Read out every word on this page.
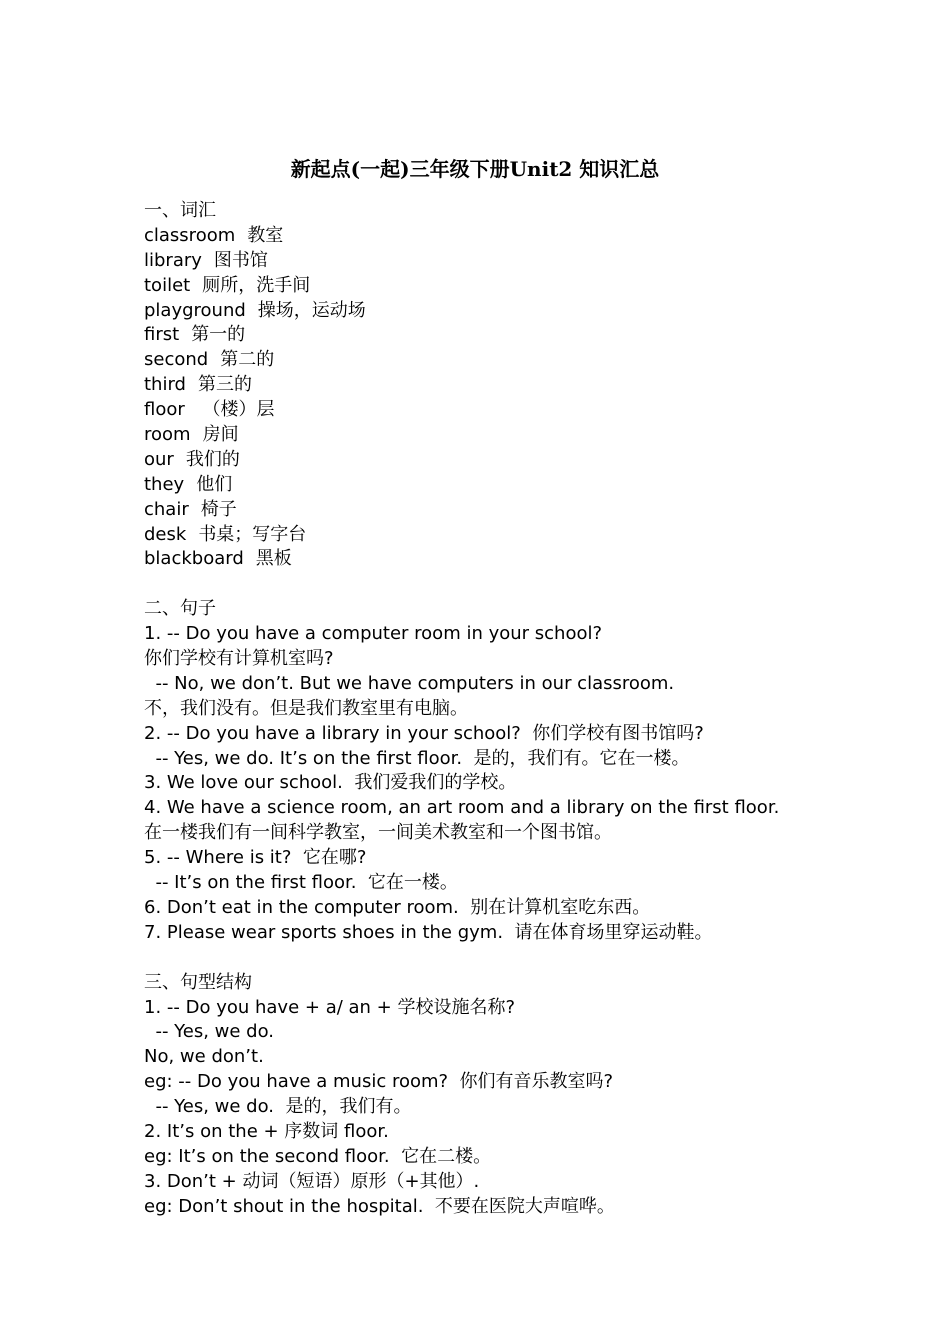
新起点(一起)三年级下册Unit2 知识汇总
一、词汇
classroom 教室
library 图书馆
toilet 厕所，洗手间
playground 操场，运动场
first 第一的
second 第二的
third 第三的
floor （楼）层
room 房间
our 我们的
they 他们
chair 椅子
desk 书桌；写字台
blackboard 黑板
二、句子
1. -- Do you have a computer room in your school?
你们学校有计算机室吗?
-- No, we don’t. But we have computers in our classroom.
不，我们没有。但是我们教室里有电脑。
2. -- Do you have a library in your school?  你们学校有图书馆吗?
-- Yes, we do. It’s on the first floor.  是的，我们有。它在一楼。
3. We love our school.  我们爱我们的学校。
4. We have a science room, an art room and a library on the first floor.
在一楼我们有一间科学教室，一间美术教室和一个图书馆。
5. -- Where is it?  它在哪?
-- It’s on the first floor.  它在一楼。
6. Don’t eat in the computer room.  别在计算机室吃东西。
7. Please wear sports shoes in the gym.  请在体育场里穿运动鞋。
三、句型结构
1. -- Do you have + a/ an + 学校设施名称?
-- Yes, we do.
No, we don’t.
eg: -- Do you have a music room?  你们有音乐教室吗?
-- Yes, we do.  是的，我们有。
2. It’s on the + 序数词 floor.
eg: It’s on the second floor.  它在二楼。
3. Don’t + 动词（短语）原形（+其他）.
eg: Don’t shout in the hospital.  不要在医院大声喧哗。
